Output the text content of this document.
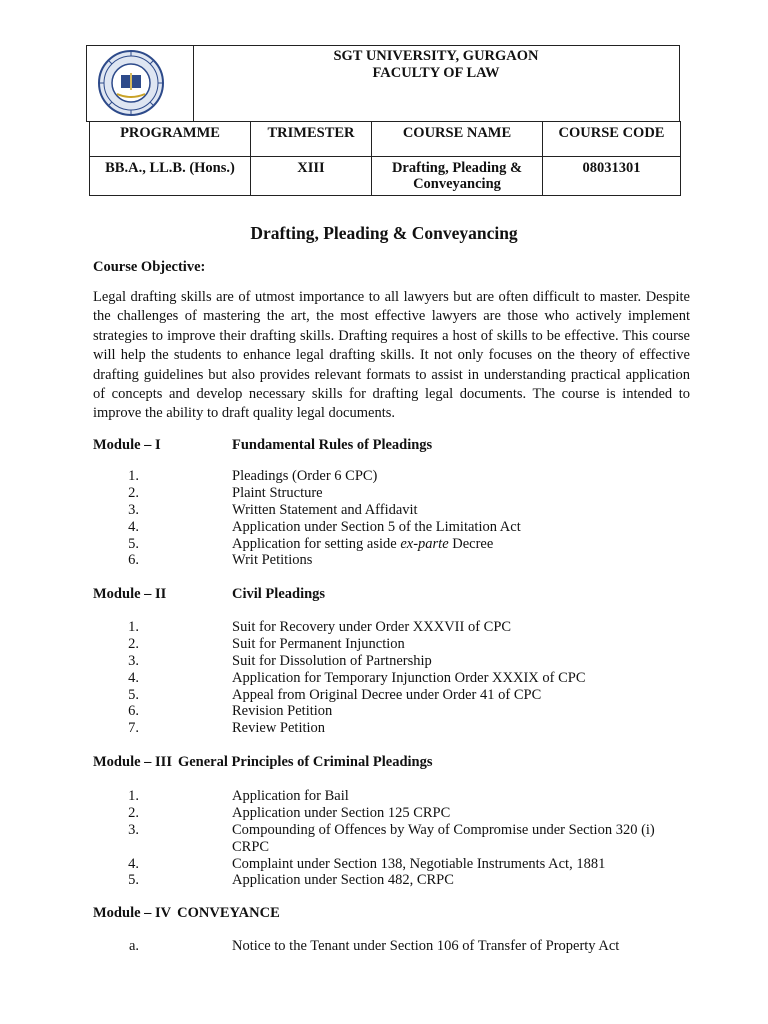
SGT UNIVERSITY, GURGAON
FACULTY OF LAW
PROGRAMME	TRIMESTER	COURSE NAME	COURSE CODE
BB.A., LL.B. (Hons.)	XIII	Drafting, Pleading & Conveyancing	08031301
Drafting, Pleading & Conveyancing
Course Objective:
Legal drafting skills are of utmost importance to all lawyers but are often difficult to master. Despite the challenges of mastering the art, the most effective lawyers are those who actively implement strategies to improve their drafting skills. Drafting requires a host of skills to be effective. This course will help the students to enhance legal drafting skills. It not only focuses on the theory of effective drafting guidelines but also provides relevant formats to assist in understanding practical application of concepts and develop necessary skills for drafting legal documents. The course is intended to improve the ability to draft quality legal documents.
Module – I	Fundamental Rules of Pleadings
1.	Pleadings (Order 6 CPC)
2.	Plaint Structure
3.	Written Statement and Affidavit
4.	Application under Section 5 of the Limitation Act
5.	Application for setting aside ex-parte Decree
6.	Writ Petitions
Module – II	Civil Pleadings
1.	Suit for Recovery under Order XXXVII of CPC
2.	Suit for Permanent Injunction
3.	Suit for Dissolution of Partnership
4.	Application for Temporary Injunction Order XXXIX of CPC
5.	Appeal from Original Decree under Order 41 of CPC
6.	Revision Petition
7.	Review Petition
Module – III General Principles of Criminal Pleadings
1.	Application for Bail
2.	Application under Section 125 CRPC
3.	Compounding of Offences by Way of Compromise under Section 320 (i) CRPC
4.	Complaint under Section 138, Negotiable Instruments Act, 1881
5.	Application under Section 482, CRPC
Module – IV CONVEYANCE
a.	Notice to the Tenant under Section 106 of Transfer of Property Act
